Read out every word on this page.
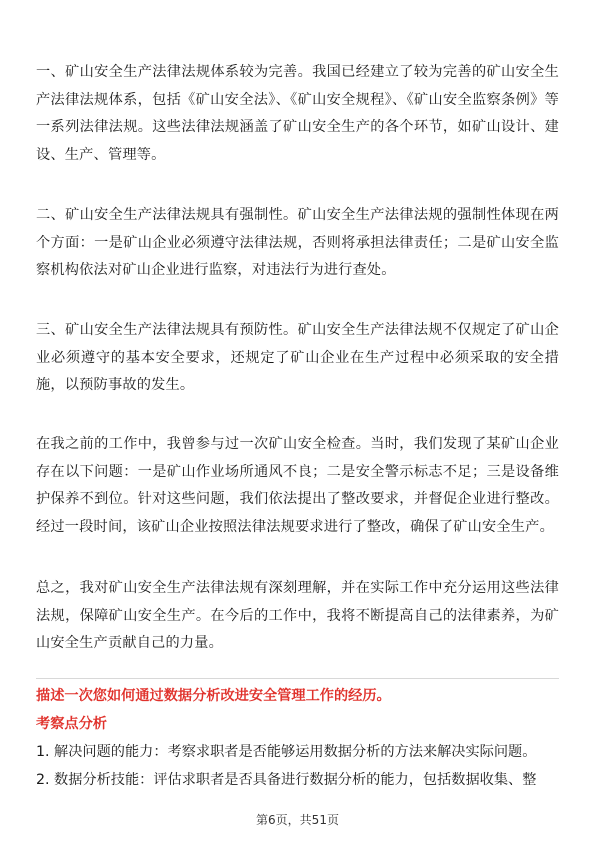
一、矿山安全生产法律法规体系较为完善。我国已经建立了较为完善的矿山安全生产法律法规体系，包括《矿山安全法》、《矿山安全规程》、《矿山安全监察条例》等一系列法律法规。这些法律法规涵盖了矿山安全生产的各个环节，如矿山设计、建设、生产、管理等。

二、矿山安全生产法律法规具有强制性。矿山安全生产法律法规的强制性体现在两个方面：一是矿山企业必须遵守法律法规，否则将承担法律责任；二是矿山安全监察机构依法对矿山企业进行监察，对违法行为进行查处。

三、矿山安全生产法律法规具有预防性。矿山安全生产法律法规不仅规定了矿山企业必须遵守的基本安全要求，还规定了矿山企业在生产过程中必须采取的安全措施，以预防事故的发生。

在我之前的工作中，我曾参与过一次矿山安全检查。当时，我们发现了某矿山企业存在以下问题：一是矿山作业场所通风不良；二是安全警示标志不足；三是设备维护保养不到位。针对这些问题，我们依法提出了整改要求，并督促企业进行整改。经过一段时间，该矿山企业按照法律法规要求进行了整改，确保了矿山安全生产。

总之，我对矿山安全生产法律法规有深刻理解，并在实际工作中充分运用这些法律法规，保障矿山安全生产。在今后的工作中，我将不断提高自己的法律素养，为矿山安全生产贡献自己的力量。

描述一次您如何通过数据分析改进安全管理工作的经历。

考察点分析

1. 解决问题的能力：考察求职者是否能够运用数据分析的方法来解决实际问题。

2. 数据分析技能：评估求职者是否具备进行数据分析的能力，包括数据收集、整

第6页，共51页
